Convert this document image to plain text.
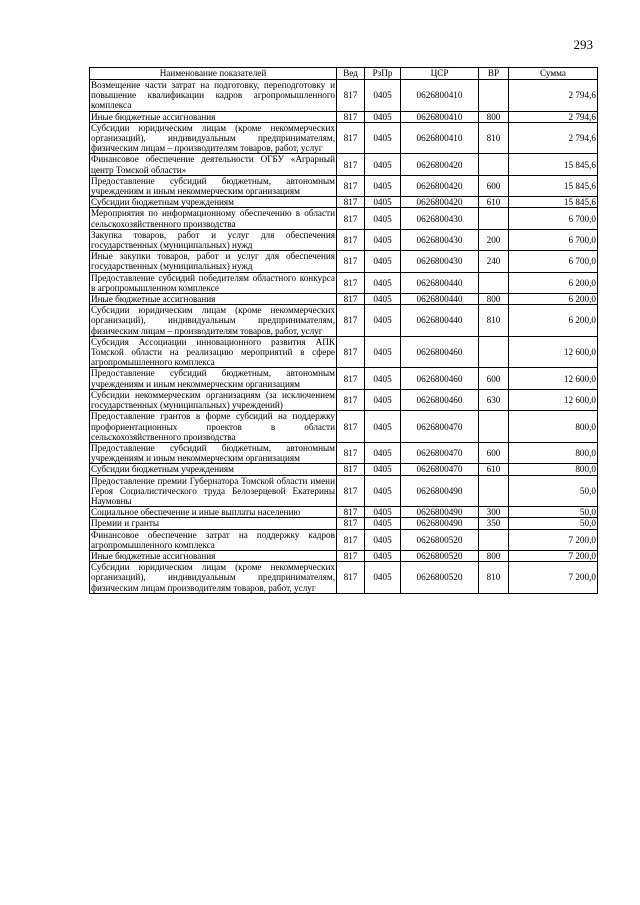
293
Наименование показателей	Вед	РзПр	ЦСР	ВР	Сумма
Возмещение части затрат на подготовку, переподготовку и повышение квалификации кадров агропромышленного комплекса	817	0405	0626800410		2 794,6
Иные бюджетные ассигнования	817	0405	0626800410	800	2 794,6
Субсидии юридическим лицам (кроме некоммерческих организаций), индивидуальным предпринимателям, физическим лицам – производителям товаров, работ, услуг	817	0405	0626800410	810	2 794,6
Финансовое обеспечение деятельности ОГБУ «Аграрный центр Томской области»	817	0405	0626800420		15 845,6
Предоставление субсидий бюджетным, автономным учреждениям и иным некоммерческим организациям	817	0405	0626800420	600	15 845,6
Субсидии бюджетным учреждениям	817	0405	0626800420	610	15 845,6
Мероприятия по информационному обеспечению в области сельскохозяйственного производства	817	0405	0626800430		6 700,0
Закупка товаров, работ и услуг для обеспечения государственных (муниципальных) нужд	817	0405	0626800430	200	6 700,0
Иные закупки товаров, работ и услуг для обеспечения государственных (муниципальных) нужд	817	0405	0626800430	240	6 700,0
Предоставление субсидий победителям областного конкурса в агропромышленном комплексе	817	0405	0626800440		6 200,0
Иные бюджетные ассигнования	817	0405	0626800440	800	6 200,0
Субсидии юридическим лицам (кроме некоммерческих организаций), индивидуальным предпринимателям, физическим лицам – производителям товаров, работ, услуг	817	0405	0626800440	810	6 200,0
Субсидия Ассоциации инновационного развития АПК Томской области на реализацию мероприятий в сфере агропромышленного комплекса	817	0405	0626800460		12 600,0
Предоставление субсидий бюджетным, автономным учреждениям и иным некоммерческим организациям	817	0405	0626800460	600	12 600,0
Субсидии некоммерческим организациям (за исключением государственных (муниципальных) учреждений)	817	0405	0626800460	630	12 600,0
Предоставление грантов в форме субсидий на поддержку профориентационных проектов в области сельскохозяйственного производства	817	0405	0626800470		800,0
Предоставление субсидий бюджетным, автономным учреждениям и иным некоммерческим организациям	817	0405	0626800470	600	800,0
Субсидии бюджетным учреждениям	817	0405	0626800470	610	800,0
Предоставление премии Губернатора Томской области имени Героя Социалистического труда Белозерцевой Екатерины Наумовны	817	0405	0626800490		50,0
Социальное обеспечение и иные выплаты населению	817	0405	0626800490	300	50,0
Премии и гранты	817	0405	0626800490	350	50,0
Финансовое обеспечение затрат на поддержку кадров агропромышленного комплекса	817	0405	0626800520		7 200,0
Иные бюджетные ассигнования	817	0405	0626800520	800	7 200,0
Субсидии юридическим лицам (кроме некоммерческих организаций), индивидуальным предпринимателям, физическим лицам производителям товаров, работ, услуг	817	0405	0626800520	810	7 200,0
